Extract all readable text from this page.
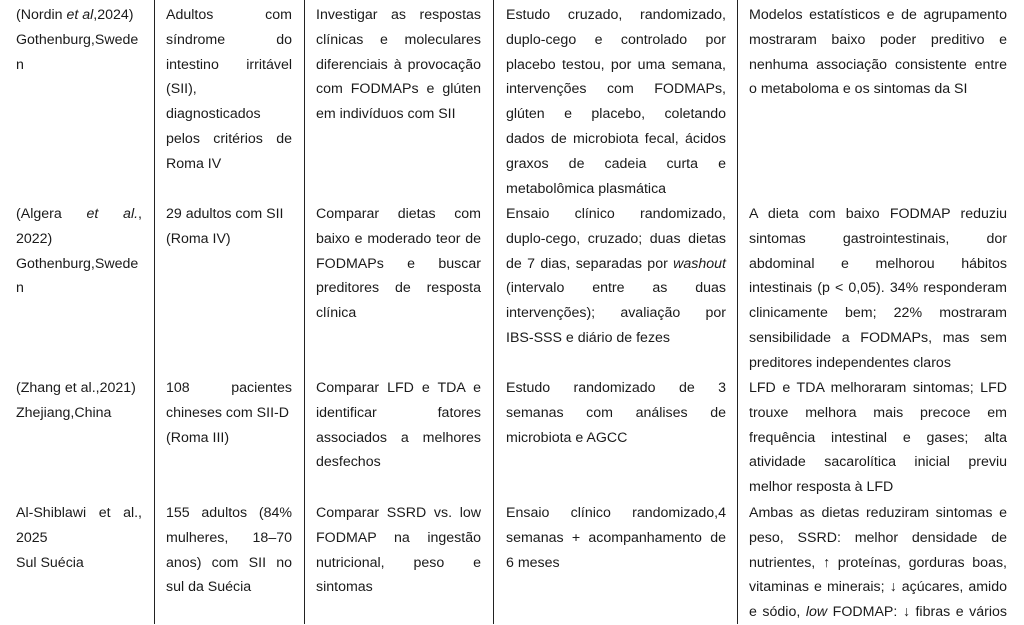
(Nordin et al,2024)
Gothenburg,Swede
n
Adultos com
síndrome do
intestino irritável
(SII),
diagnosticados
pelos critérios de
Roma IV
Investigar as respostas
clínicas e moleculares
diferenciais à provocação
com FODMAPs e glúten
em indivíduos com SII
Estudo cruzado, randomizado,
duplo-cego e controlado por
placebo testou, por uma semana,
intervenções com FODMAPs,
glúten e placebo, coletando
dados de microbiota fecal, ácidos
graxos de cadeia curta e
metabolômica plasmática
Modelos estatísticos e de agrupamento
mostraram baixo poder preditivo e
nenhuma associação consistente entre
o metaboloma e os sintomas da SI
(Algera et al.,
2022)
Gothenburg,Swede
n
29 adultos com SII
(Roma IV)
Comparar dietas com
baixo e moderado teor de
FODMAPs e buscar
preditores de resposta
clínica
Ensaio clínico randomizado,
duplo-cego, cruzado; duas dietas
de 7 dias, separadas por washout
(intervalo entre as duas
intervenções); avaliação por
IBS-SSS e diário de fezes
A dieta com baixo FODMAP reduziu
sintomas gastrointestinais, dor
abdominal e melhorou hábitos
intestinais (p < 0,05). 34% responderam
clinicamente bem; 22% mostraram
sensibilidade a FODMAPs, mas sem
preditores independentes claros
(Zhang et al.,2021)
Zhejiang,China
108 pacientes
chineses com SII-D
(Roma III)
Comparar LFD e TDA e
identificar fatores
associados a melhores
desfechos
Estudo randomizado de 3
semanas com análises de
microbiota e AGCC
LFD e TDA melhoraram sintomas; LFD
trouxe melhora mais precoce em
frequência intestinal e gases; alta
atividade sacarolítica inicial previu
melhor resposta à LFD
Al-Shiblawi et al.,
2025
Sul Suécia
155 adultos (84%
mulheres, 18–70
anos) com SII no
sul da Suécia
Comparar SSRD vs. low
FODMAP na ingestão
nutricional, peso e
sintomas
Ensaio clínico randomizado,4
semanas + acompanhamento de
6 meses
Ambas as dietas reduziram sintomas e
peso, SSRD: melhor densidade de
nutrientes, ↑ proteínas, gorduras boas,
vitaminas e minerais; ↓ açúcares, amido
e sódio, low FODMAP: ↓ fibras e vários
